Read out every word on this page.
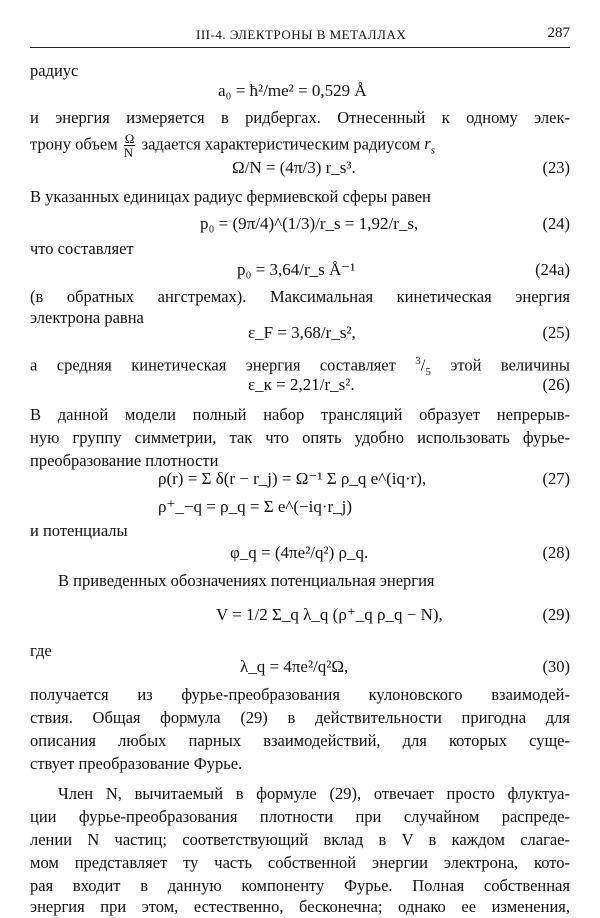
III-4. ЭЛЕКТРОНЫ В МЕТАЛЛАХ	287
радиус
a₀ = ħ²/me² = 0,529 Å
и энергия измеряется в ридбергах. Отнесенный к одному элек-
трону объем $\frac{\Omega}{N}$ задается характеристическим радиусом $r_s$
Ω/N = (4π/3) r_s³.	(23)
В указанных единицах радиус фермиевской сферы равен
p₀ = (9π/4)^(1/3)/r_s = 1,92/r_s,	(24)
что составляет
p₀ = 3,64/r_s Å⁻¹	(24а)
(в обратных ангстремах). Максимальная кинетическая энергия
электрона равна
ε_F = 3,68/r_s²,	(25)
а средняя кинетическая энергия составляет $^3/_5$ этой величины
ε_к = 2,21/r_s².	(26)
В данной модели полный набор трансляций образует непрерыв-
ную группу симметрии, так что опять удобно использовать фурье-
преобразование плотности
ρ(r) = Σ δ(r − r_j) = Ω⁻¹ Σ ρ_q e^(iq·r),	(27)
ρ⁺_−q = ρ_q = Σ e^(−iq·r_j)
и потенциалы
φ_q = (4πe²/q²) ρ_q.	(28)
В приведенных обозначениях потенциальная энергия
V = 1/2 Σ_q λ_q (ρ⁺_q ρ_q − N),	(29)
где
λ_q = 4πe²/q²Ω,	(30)
получается из фурье-преобразования кулоновского взаимодей-
ствия. Общая формула (29) в действительности пригодна для
описания любых парных взаимодействий, для которых суще-
ствует преобразование Фурье.
Член N, вычитаемый в формуле (29), отвечает просто флуктуа-
ции фурье-преобразования плотности при случайном распреде-
лении N частиц; соответствующий вклад в V в каждом слагае-
мом представляет ту часть собственной энергии электрона, кото-
рая входит в данную компоненту Фурье. Полная собственная
энергия при этом, естественно, бесконечна; однако ее изменения,
